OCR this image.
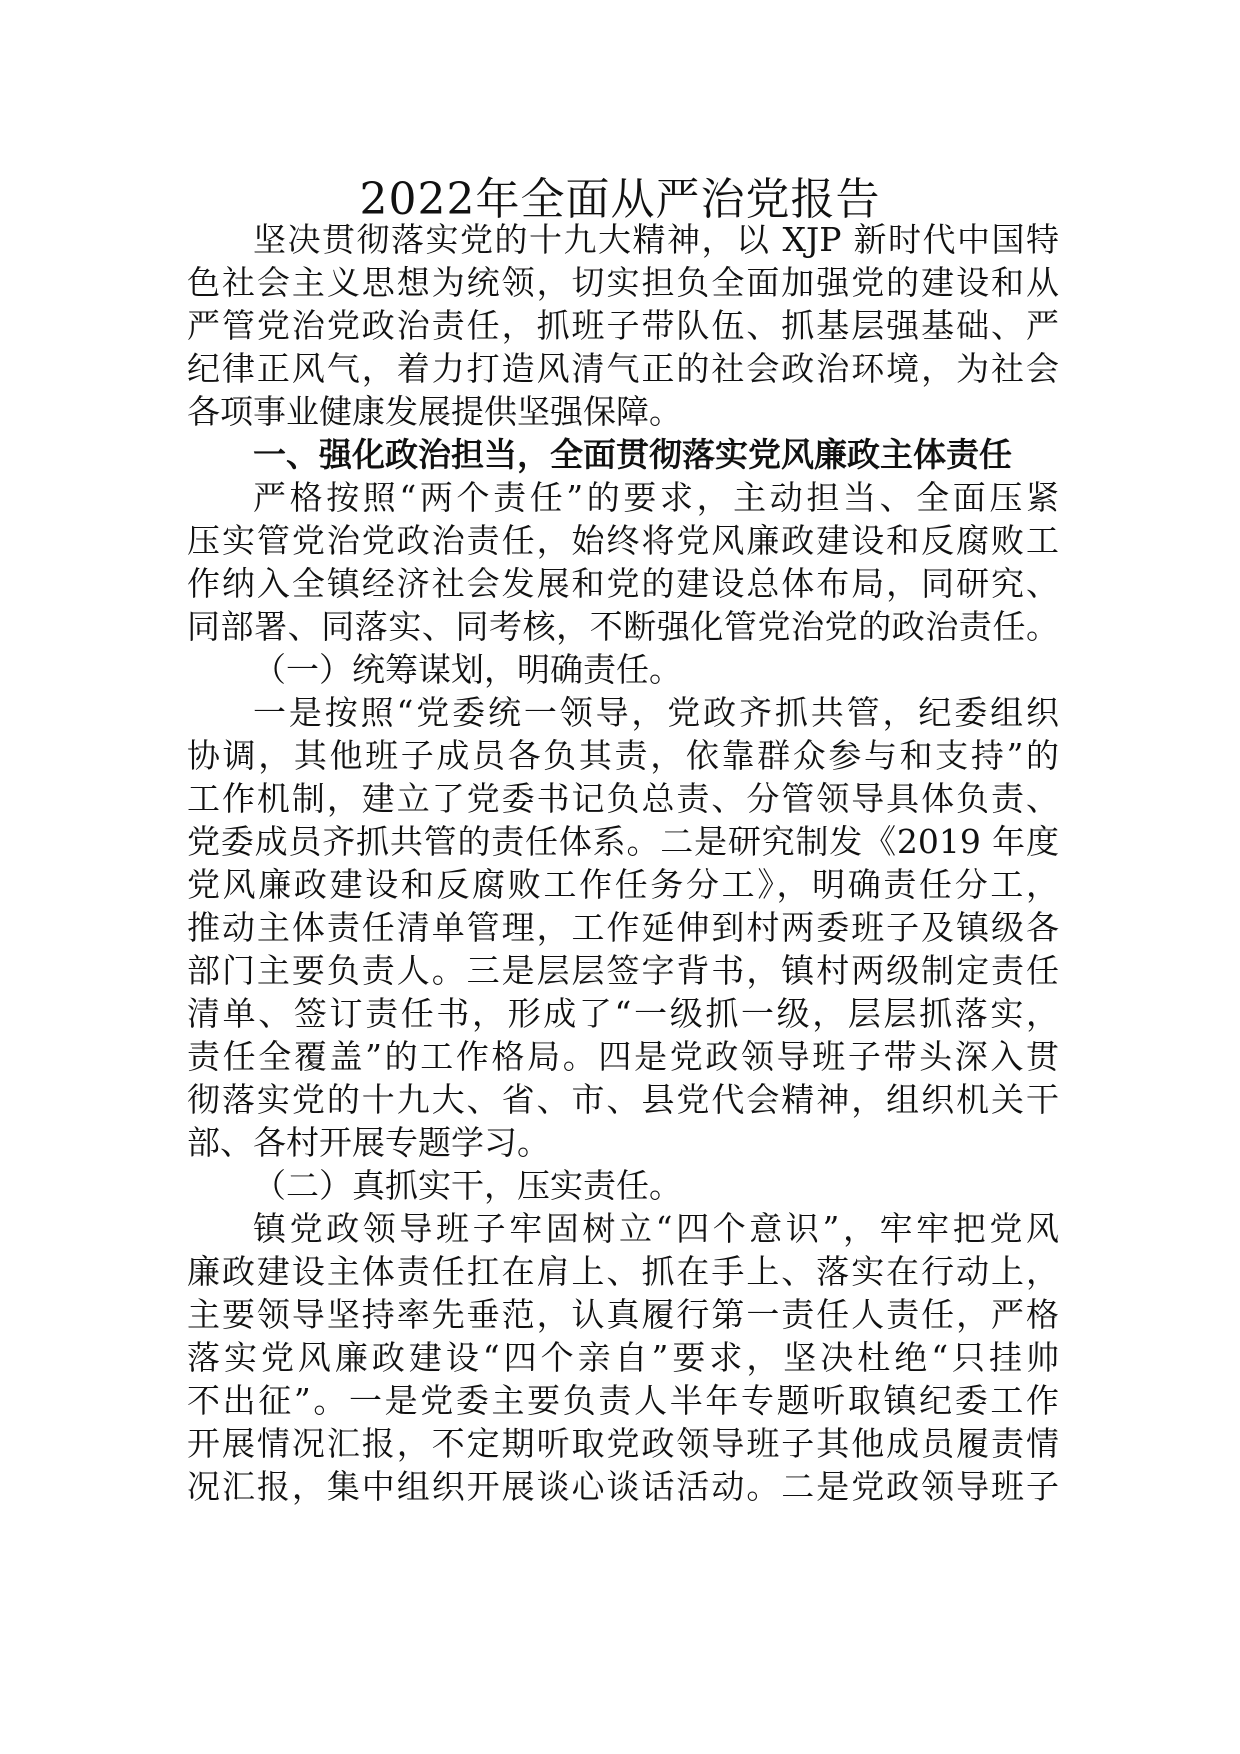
2022年全面从严治党报告
坚决贯彻落实党的十九大精神，以 XJP 新时代中国特
色社会主义思想为统领，切实担负全面加强党的建设和从
严管党治党政治责任，抓班子带队伍、抓基层强基础、严
纪律正风气，着力打造风清气正的社会政治环境，为社会
各项事业健康发展提供坚强保障。
一、强化政治担当，全面贯彻落实党风廉政主体责任
严格按照“两个责任”的要求，主动担当、全面压紧
压实管党治党政治责任，始终将党风廉政建设和反腐败工
作纳入全镇经济社会发展和党的建设总体布局，同研究、
同部署、同落实、同考核，不断强化管党治党的政治责任。
（一）统筹谋划，明确责任。
一是按照“党委统一领导，党政齐抓共管，纪委组织
协调，其他班子成员各负其责，依靠群众参与和支持”的
工作机制，建立了党委书记负总责、分管领导具体负责、
党委成员齐抓共管的责任体系。二是研究制发《2019 年度
党风廉政建设和反腐败工作任务分工》，明确责任分工，
推动主体责任清单管理，工作延伸到村两委班子及镇级各
部门主要负责人。三是层层签字背书，镇村两级制定责任
清单、签订责任书，形成了“一级抓一级，层层抓落实，
责任全覆盖”的工作格局。四是党政领导班子带头深入贯
彻落实党的十九大、省、市、县党代会精神，组织机关干
部、各村开展专题学习。
（二）真抓实干，压实责任。
镇党政领导班子牢固树立“四个意识”，牢牢把党风
廉政建设主体责任扛在肩上、抓在手上、落实在行动上，
主要领导坚持率先垂范，认真履行第一责任人责任，严格
落实党风廉政建设“四个亲自”要求，坚决杜绝“只挂帅
不出征”。一是党委主要负责人半年专题听取镇纪委工作
开展情况汇报，不定期听取党政领导班子其他成员履责情
况汇报，集中组织开展谈心谈话活动。二是党政领导班子
